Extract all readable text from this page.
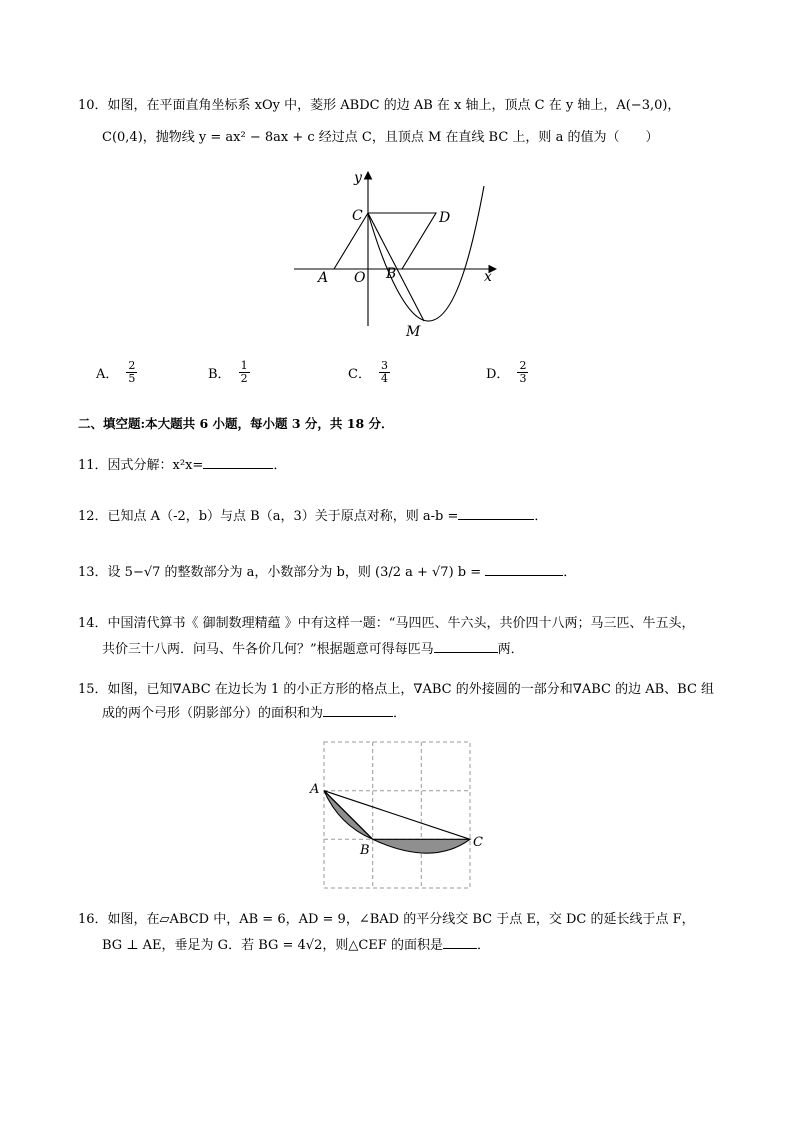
10．如图，在平面直角坐标系 xOy 中，菱形 ABDC 的边 AB 在 x 轴上，顶点 C 在 y 轴上，A(−3,0)，
C(0,4)，抛物线 y = ax² − 8ax + c 经过点 C，且顶点 M 在直线 BC 上，则 a 的值为（　　）
y
x
C	D
A O B
M
A． $\frac{2}{5}$	B． $\frac{1}{2}$	C． $\frac{3}{4}$	D． $\frac{2}{3}$
二、填空题:本大题共 6 小题，每小题 3 分，共 18 分．
11．因式分解：x²x=	．
12．已知点 A（-2，b）与点 B（a，3）关于原点对称，则 a-b =	．
13．设 5−√7 的整数部分为 a，小数部分为 b，则 (3/2 a + √7) b =	．
14．中国清代算书《 御制数理精蕴 》中有这样一题：“马四匹、牛六头，共价四十八两；马三匹、牛五头，
共价三十八两．问马、牛各价几何？”根据题意可得每匹马	两．
15．如图，已知∇ABC 在边长为 1 的小正方形的格点上，∇ABC 的外接圆的一部分和∇ABC 的边 AB、BC 组
成的两个弓形（阴影部分）的面积和为	．
A
B
C
16．如图，在▱ABCD 中，AB = 6，AD = 9，∠BAD 的平分线交 BC 于点 E，交 DC 的延长线于点 F，
BG ⊥ AE，垂足为 G．若 BG = 4√2，则△CEF 的面积是	．
